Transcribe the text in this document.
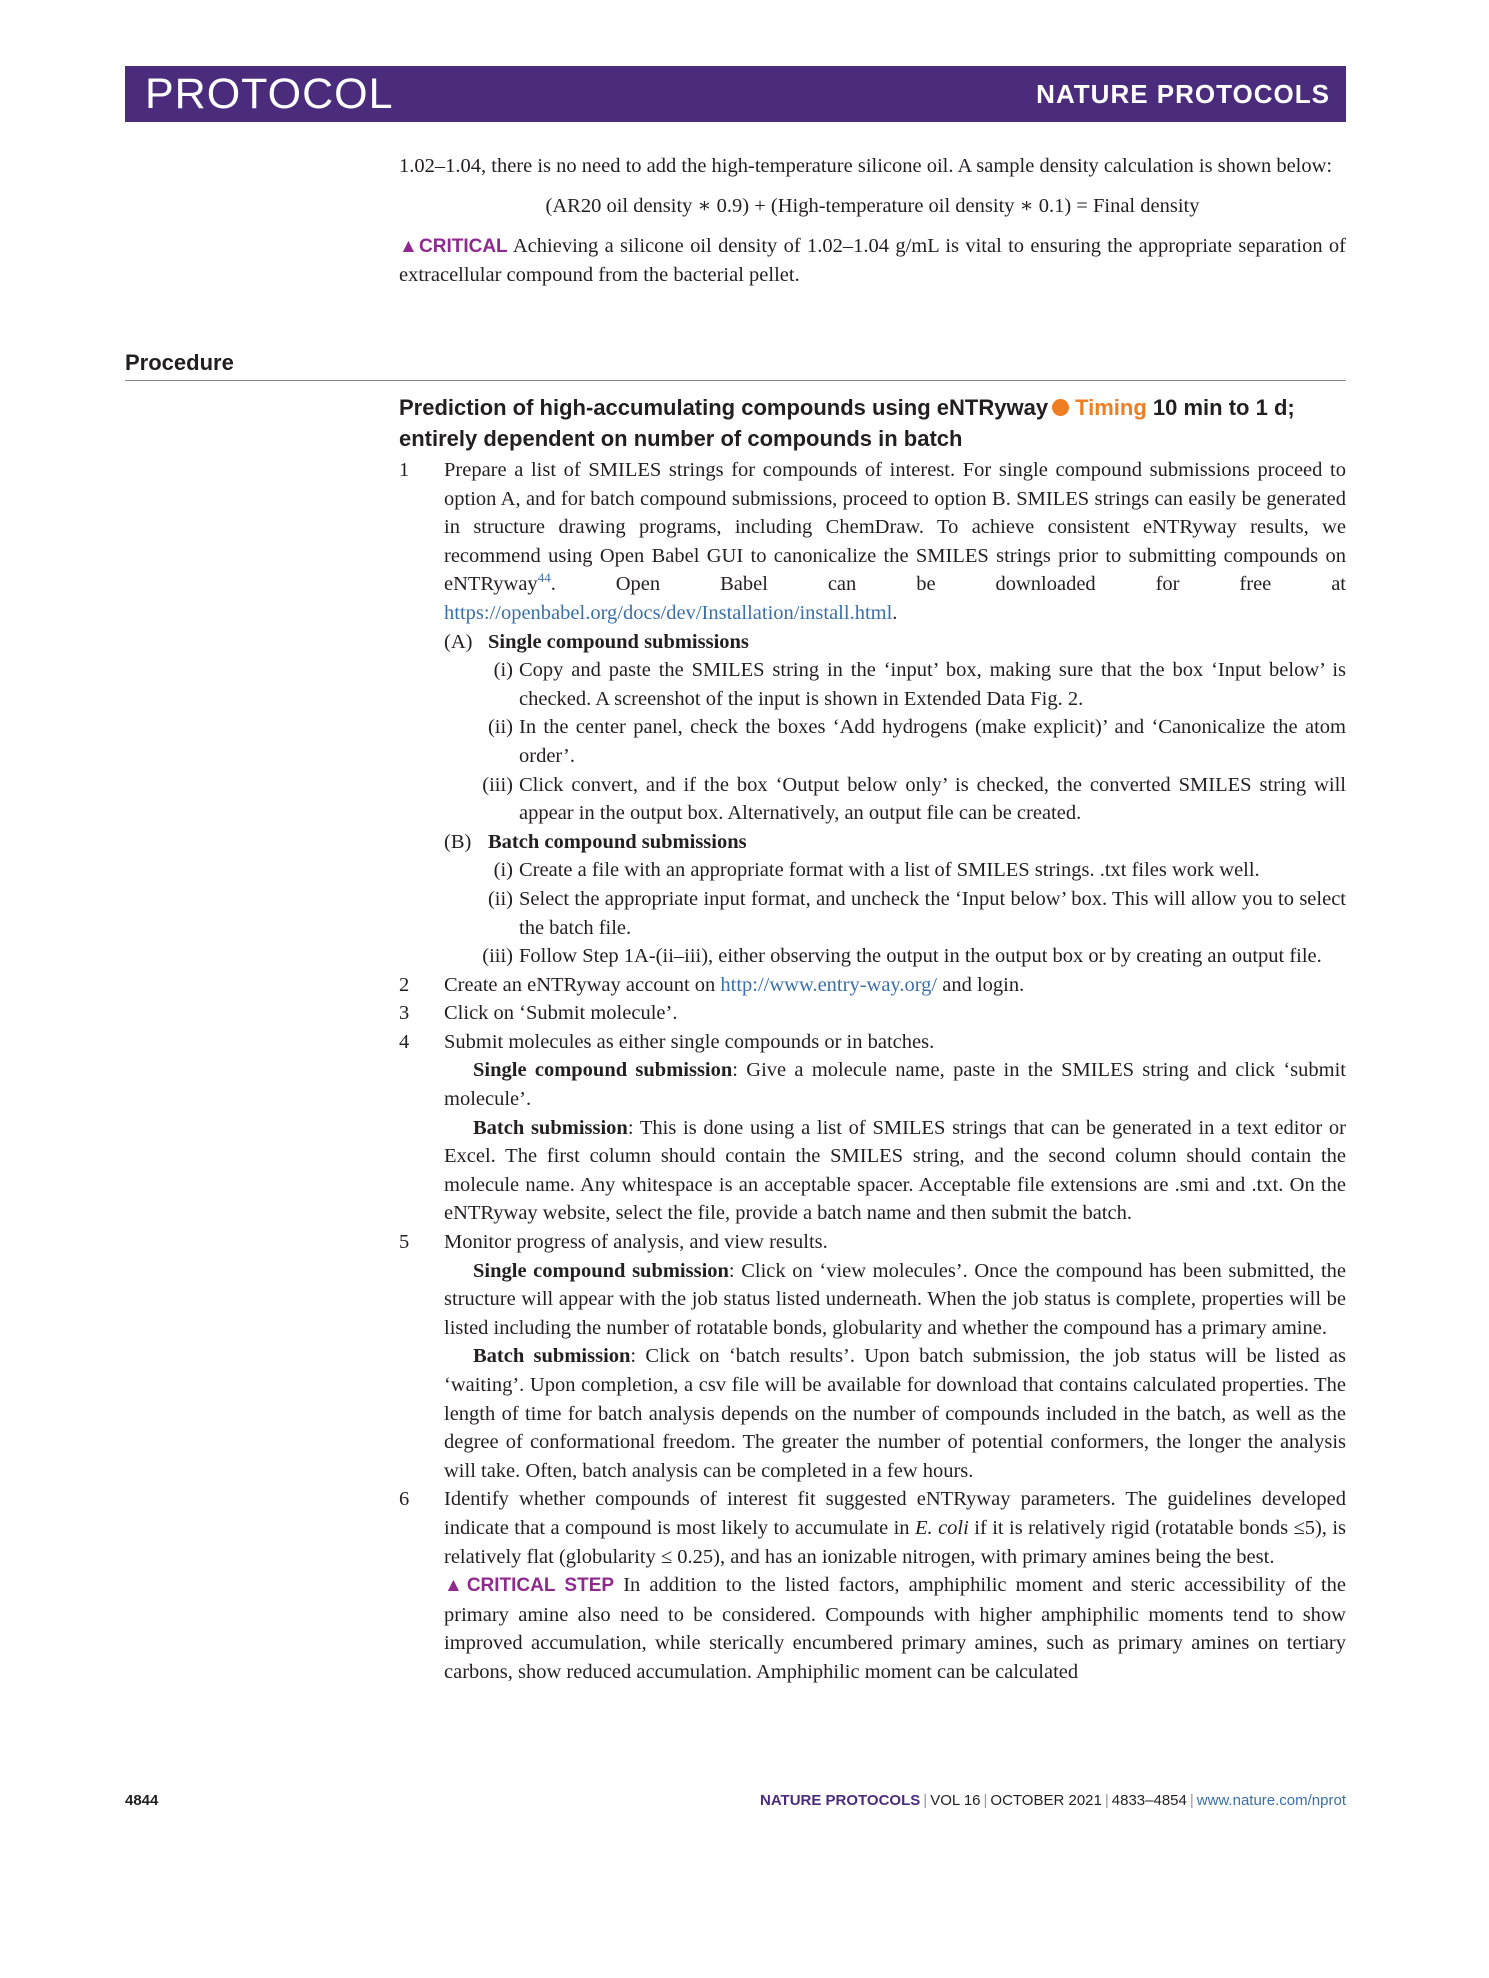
PROTOCOL	NATURE PROTOCOLS
1.02–1.04, there is no need to add the high-temperature silicone oil. A sample density calculation is shown below:
(AR20 oil density ∗ 0.9) + (High-temperature oil density ∗ 0.1) = Final density
▲CRITICAL Achieving a silicone oil density of 1.02–1.04 g/mL is vital to ensuring the appropriate separation of extracellular compound from the bacterial pellet.
Procedure
Prediction of high-accumulating compounds using eNTRyway Timing 10 min to 1 d; entirely dependent on number of compounds in batch
1	Prepare a list of SMILES strings for compounds of interest. For single compound submissions proceed to option A, and for batch compound submissions, proceed to option B. SMILES strings can easily be generated in structure drawing programs, including ChemDraw. To achieve consistent eNTRyway results, we recommend using Open Babel GUI to canonicalize the SMILES strings prior to submitting compounds on eNTRyway$^{44}$. Open Babel can be downloaded for free at https://openbabel.org/docs/dev/Installation/install.html.
(A) Single compound submissions
(i) Copy and paste the SMILES string in the ‘input’ box, making sure that the box ‘Input below’ is checked. A screenshot of the input is shown in Extended Data Fig. 2.
(ii) In the center panel, check the boxes ‘Add hydrogens (make explicit)’ and ‘Canonicalize the atom order’.
(iii) Click convert, and if the box ‘Output below only’ is checked, the converted SMILES string will appear in the output box. Alternatively, an output file can be created.
(B) Batch compound submissions
(i) Create a file with an appropriate format with a list of SMILES strings. .txt files work well.
(ii) Select the appropriate input format, and uncheck the ‘Input below’ box. This will allow you to select the batch file.
(iii) Follow Step 1A-(ii–iii), either observing the output in the output box or by creating an output file.
2	Create an eNTRyway account on http://www.entry-way.org/ and login.
3	Click on ‘Submit molecule’.
4	Submit molecules as either single compounds or in batches.
Single compound submission: Give a molecule name, paste in the SMILES string and click ‘submit molecule’.
Batch submission: This is done using a list of SMILES strings that can be generated in a text editor or Excel. The first column should contain the SMILES string, and the second column should contain the molecule name. Any whitespace is an acceptable spacer. Acceptable file extensions are .smi and .txt. On the eNTRyway website, select the file, provide a batch name and then submit the batch.
5	Monitor progress of analysis, and view results.
Single compound submission: Click on ‘view molecules’. Once the compound has been submitted, the structure will appear with the job status listed underneath. When the job status is complete, properties will be listed including the number of rotatable bonds, globularity and whether the compound has a primary amine.
Batch submission: Click on ‘batch results’. Upon batch submission, the job status will be listed as ‘waiting’. Upon completion, a csv file will be available for download that contains calculated properties. The length of time for batch analysis depends on the number of compounds included in the batch, as well as the degree of conformational freedom. The greater the number of potential conformers, the longer the analysis will take. Often, batch analysis can be completed in a few hours.
6	Identify whether compounds of interest fit suggested eNTRyway parameters. The guidelines developed indicate that a compound is most likely to accumulate in E. coli if it is relatively rigid (rotatable bonds ≤5), is relatively flat (globularity ≤ 0.25), and has an ionizable nitrogen, with primary amines being the best.
▲CRITICAL STEP In addition to the listed factors, amphiphilic moment and steric accessibility of the primary amine also need to be considered. Compounds with higher amphiphilic moments tend to show improved accumulation, while sterically encumbered primary amines, such as primary amines on tertiary carbons, show reduced accumulation. Amphiphilic moment can be calculated
4844	NATURE PROTOCOLS | VOL 16 | OCTOBER 2021 | 4833–4854 | www.nature.com/nprot
